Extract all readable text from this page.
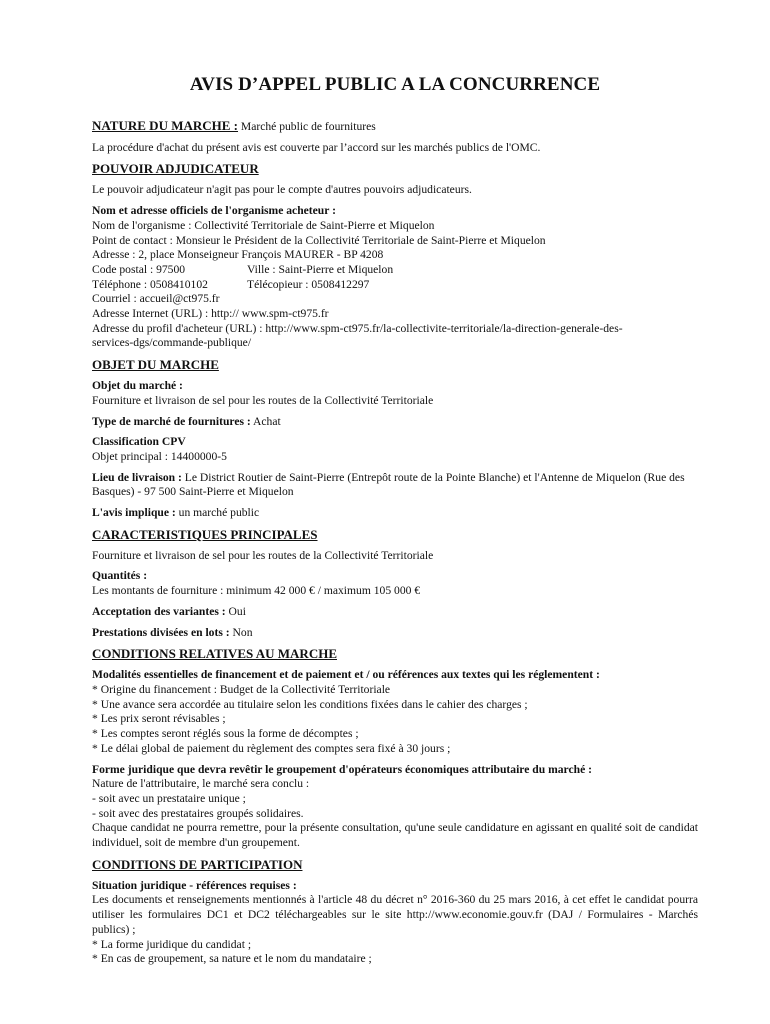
AVIS D’APPEL PUBLIC A LA CONCURRENCE
NATURE DU MARCHE : Marché public de fournitures
La procédure d'achat du présent avis est couverte par l’accord sur les marchés publics de l'OMC.
POUVOIR ADJUDICATEUR
Le pouvoir adjudicateur n'agit pas pour le compte d'autres pouvoirs adjudicateurs.
Nom et adresse officiels de l'organisme acheteur :
Nom de l'organisme : Collectivité Territoriale de Saint-Pierre et Miquelon
Point de contact : Monsieur le Président de la Collectivité Territoriale de Saint-Pierre et Miquelon
Adresse : 2, place Monseigneur François MAURER - BP 4208
Code postal : 97500	Ville : Saint-Pierre et Miquelon
Téléphone : 0508410102	Télécopieur : 0508412297
Courriel : accueil@ct975.fr
Adresse Internet (URL) : http:// www.spm-ct975.fr
Adresse du profil d'acheteur (URL) : http://www.spm-ct975.fr/la-collectivite-territoriale/la-direction-generale-des-
services-dgs/commande-publique/
OBJET DU MARCHE
Objet du marché :
Fourniture et livraison de sel pour les routes de la Collectivité Territoriale
Type de marché de fournitures : Achat
Classification CPV
Objet principal : 14400000-5
Lieu de livraison : Le District Routier de Saint-Pierre (Entrepôt route de la Pointe Blanche) et l'Antenne de Miquelon (Rue des Basques) - 97 500 Saint-Pierre et Miquelon
L'avis implique : un marché public
CARACTERISTIQUES PRINCIPALES
Fourniture et livraison de sel pour les routes de la Collectivité Territoriale
Quantités :
Les montants de fourniture : minimum 42 000 € / maximum 105 000 €
Acceptation des variantes : Oui
Prestations divisées en lots : Non
CONDITIONS RELATIVES AU MARCHE
Modalités essentielles de financement et de paiement et / ou références aux textes qui les réglementent :
* Origine du financement : Budget de la Collectivité Territoriale
* Une avance sera accordée au titulaire selon les conditions fixées dans le cahier des charges ;
* Les prix seront révisables ;
* Les comptes seront réglés sous la forme de décomptes ;
* Le délai global de paiement du règlement des comptes sera fixé à 30 jours ;
Forme juridique que devra revêtir le groupement d'opérateurs économiques attributaire du marché :
Nature de l'attributaire, le marché sera conclu :
- soit avec un prestataire unique ;
- soit avec des prestataires groupés solidaires.
Chaque candidat ne pourra remettre, pour la présente consultation, qu'une seule candidature en agissant en qualité soit de candidat individuel, soit de membre d'un groupement.
CONDITIONS DE PARTICIPATION
Situation juridique - références requises :
Les documents et renseignements mentionnés à l'article 48 du décret n° 2016-360 du 25 mars 2016, à cet effet le candidat pourra utiliser les formulaires DC1 et DC2 téléchargeables sur le site http://www.economie.gouv.fr (DAJ / Formulaires - Marchés publics) ;
* La forme juridique du candidat ;
* En cas de groupement, sa nature et le nom du mandataire ;
